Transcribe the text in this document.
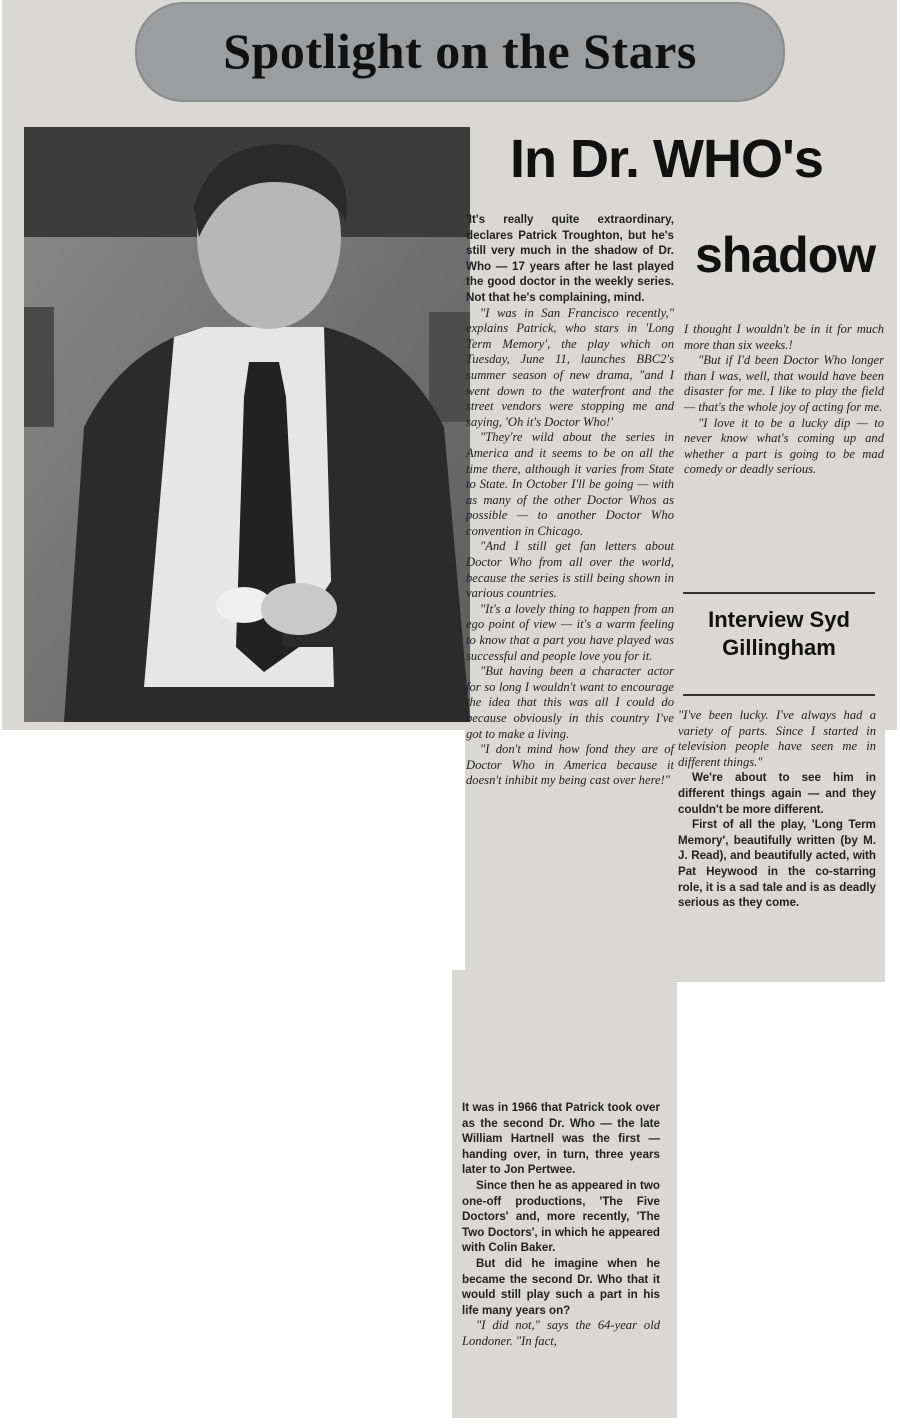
Spotlight on the Stars
In Dr. WHO's
shadow

'It's really quite extraordinary, declares Patrick Troughton, but he's still very much in the shadow of Dr. Who — 17 years after he last played the good doctor in the weekly series. Not that he's complaining, mind.

"I was in San Francisco recently," explains Patrick, who stars in 'Long Term Memory', the play which on Tuesday, June 11, launches BBC2's summer season of new drama, "and I went down to the waterfront and the street vendors were stopping me and saying, 'Oh it's Doctor Who!'

"They're wild about the series in America and it seems to be on all the time there, although it varies from State to State. In October I'll be going — with as many of the other Doctor Whos as possible — to another Doctor Who convention in Chicago.

"And I still get fan letters about Doctor Who from all over the world, because the series is still being shown in various countries.

"It's a lovely thing to happen from an ego point of view — it's a warm feeling to know that a part you have played was successful and people love you for it.

"But having been a character actor for so long I wouldn't want to encourage the idea that this was all I could do because obviously in this country I've got to make a living.

"I don't mind how fond they are of Doctor Who in America because it doesn't inhibit my being cast over here!"

It was in 1966 that Patrick took over as the second Dr. Who — the late William Hartnell was the first — handing over, in turn, three years later to Jon Pertwee.

Since then he as appeared in two one-off productions, 'The Five Doctors' and, more recently, 'The Two Doctors', in which he appeared with Colin Baker.

But did he imagine when he became the second Dr. Who that it would still play such a part in his life many years on?

"I did not," says the 64-year old Londoner. "In fact,

I thought I wouldn't be in it for much more than six weeks.!

"But if I'd been Doctor Who longer than I was, well, that would have been disaster for me. I like to play the field — that's the whole joy of acting for me.

"I love it to be a lucky dip — to never know what's coming up and whether a part is going to be mad comedy or deadly serious.

Interview Syd
Gillingham

"I've been lucky. I've always had a variety of parts. Since I started in television people have seen me in different things."

We're about to see him in different things again — and they couldn't be more different.

First of all the play, 'Long Term Memory', beautifully written (by M. J. Read), and beautifully acted, with Pat Heywood in the co-starring role, it is a sad tale and is as deadly serious as they come.
